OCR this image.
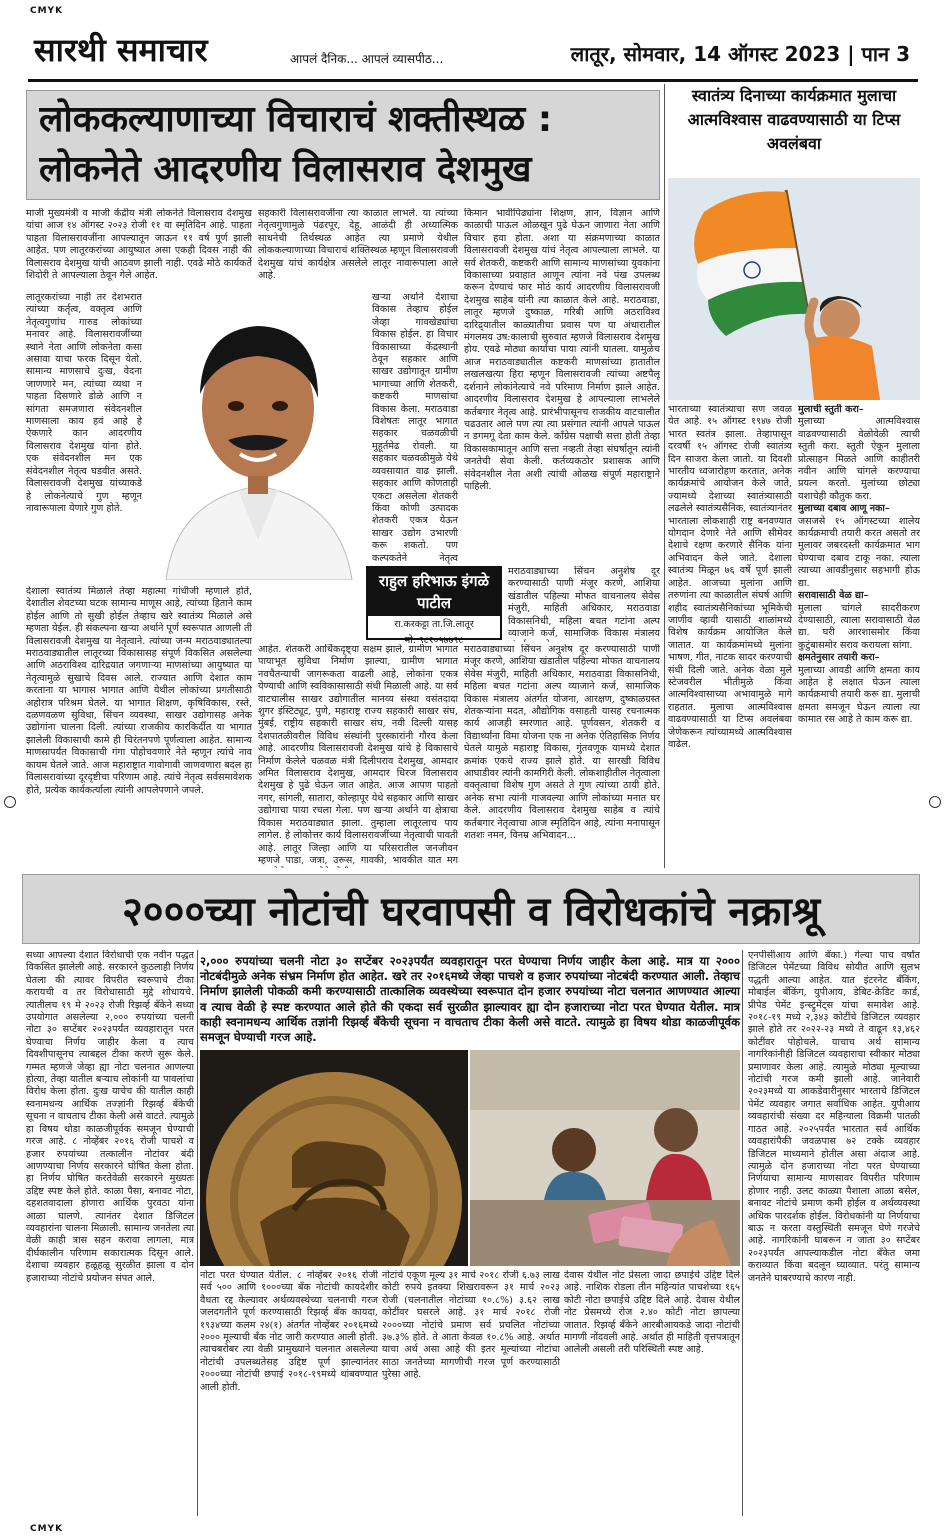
CMYK
CMYK
सारथी समाचार	आपलं दैनिक... आपलं व्यासपीठ...	लातूर, सोमवार, 14 ऑगस्ट 2023 | पान 3
लोककल्याणाच्या विचाराचं शक्तीस्थळ :
लोकनेते आदरणीय विलासराव देशमुख
स्वातंत्र्य दिनाच्या कार्यक्रमात मुलाचा आत्मविश्वास वाढवण्यासाठी या टिप्स अवलंबवा
माजी मुख्यमंत्री व माजी केंद्रीय मंत्री लोकनेते विलासराव देशमुख यांचा आज १४ ऑगस्ट २०२३ रोजी ११ वा स्मृतिदिन आहे. पाहता पाहता विलासरावजींना आपल्यातून जाऊन ११ वर्ष पूर्ण झाली आहेत. पण लातूरकरांच्या आयुष्यात असा एकही दिवस नाही की विलासराव देशमुख यांची आठवण झाली नाही. एवढे मोठे कार्यकर्ते शिदोरी ते आपल्याला ठेवून गेले आहेत.
लातूरकरांच्या नाही तर देशभरात त्यांच्या कर्तृत्व, वक्तृत्व आणि नेतृत्वगुणांच गारुड लोकांच्या मनावर आहे. विलासरावजींच्या स्थाने नेता आणि लोकनेता कसा असावा याचा फरक दिसून येतो. सामान्य माणसाचे दुःख, वेदना जाणणारे मन, त्यांच्या व्यथा न पाहता दिसणारे डोळे आणि न सांगता समजणारा संवेदनशील माणसाला काय हवं आहे हे ऐकणारे कान आदरणीय विलासराव देशमुख यांना होते. एक संवेदनशील मन एक संवेदनशील नेतृत्व घडवीत असते. विलासरावजी देशमुख यांच्याकडे हे लोकनेत्याचे गुण म्हणून नावारूपाला येणारे गुण होते.
देशाला स्वातंत्र्य मिळाले तेव्हा महात्मा गांधीजी म्हणाले होते, देशातील शेवटच्या घटक सामान्य माणूस आहे, त्यांच्या हिताने काम होईल आणि तो सुखी होईल तेव्हाच खरे स्वातंत्र्य मिळाले असे म्हणता येईल. ही संकल्पना खऱ्या अर्थाने पूर्ण स्वरूपात आणली ती विलासरावजी देशमुख या नेतृत्वाने. त्यांच्या जन्म मराठवाड्यातल्या मराठवाड्यातील लातूरच्या विकासासह संपूर्ण विकसित असलेल्या आणि अठराविश्व दारिद्रयात जगणाऱ्या माणसांच्या आयुष्यात या नेतृत्वामुळे सुखाचे दिवस आले. राज्यात आणि देशात काम करताना या भागास भागात आणि येथील लोकांच्या प्रगतीसाठी अहोरात्र परिश्रम घेतले. या भागात शिक्षण, कृषिविकास, रस्ते, दळणवळण सुविधा, सिंचन व्यवस्था, साखर उद्योगासह अनेक उद्योगांना चालना दिली. त्यांच्या राजकीय कारकिर्दीत या भागात झालेली विकासाची कामे ही चिरंतनपणे पूर्णत्वाला आहेत. सामान्य माणसापर्यंत विकासाची गंगा पोहोचवणारे नेते म्हणून त्यांचे नाव कायम घेतले जाते. आज महाराष्ट्रात गावोगावी जाणवणारा बदल हा विलासरावांच्या दूरदृष्टीचा परिणाम आहे. त्यांचे नेतृत्व सर्वसमावेशक होते, प्रत्येक कार्यकर्त्याला त्यांनी आपलेपणाने जपले.
सहकारी विलासरावजींना त्या काळात लाभले. या त्यांच्या नेतृत्वगुणामुळे पंढरपूर, देहू, आळंदी ही अध्यात्मिक साधनेची तिर्थस्थळ आहेत त्या प्रमाणे येथील लोककल्याणाच्या विचाराचं शक्तिस्थळ म्हणून विलासरावजी देशमुख यांचं कार्यक्षेत्र असलेले लातूर नावारूपाला आले आहे.
खऱ्या अर्थाने देशाचा विकास तेव्हाच होईल जेव्हा गावखेड्यांचा विकास होईल. हा विचार विकासाच्या केंद्रस्थानी ठेवून सहकार आणि साखर उद्योगातून ग्रामीण भागाच्या आणि शेतकरी, कष्टकरी माणसांचा विकास केला. मराठवाडा विशेषतः लातूर भागात सहकार चळवळीची मुहूर्तमेढ रोवली. या सहकार चळवळीमुळे येथे व्यवसायात वाढ झाली. सहकार आणि कोणताही एकटा असलेला शेतकरी किंवा कोणी उत्पादक शेतकरी एकत्र येऊन साखर उद्योग उभारणी करू शकतो. पण कल्पकतेने नेतृत्व
आहेत. शेतकरी आर्थिकदृष्ट्या सक्षम झाले, ग्रामीण भागात पायाभूत सुविधा निर्माण झाल्या, ग्रामीण भागात नवचैतन्याची जागरूकता वाढली आहे, लोकांना एकत्र येण्याची आणि स्वविकासासाठी संधी मिळाली आहे. या सर्व वाटचालीस साखर उद्योगातील मानव्य संस्था वसंतदादा शुगर इंस्टिट्यूट, पुणे, महाराष्ट्र राज्य सहकारी साखर संघ, मुंबई, राष्ट्रीय सहकारी साखर संघ, नवी दिल्ली यासह देशपातळीवरील विविध संस्थांनी पुरस्कारांनी गौरव केला आहे. आदरणीय विलासरावजी देशमुख यांचे हे विकासाचे निर्माण केलेले चळवळ मंत्री दिलीपराव देशमुख, आमदार अमित विलासराव देशमुख, आमदार धिरज विलासराव देशमुख हे पुढे घेऊन जात आहेत. आज आपण पाहतो नगर, सांगली, सातारा, कोल्हापूर येथे सहकार आणि साखर उद्योगाचा पाया रचला गेला. पण खऱ्या अर्थाने या क्षेत्राचा विकास मराठवाड्यात झाला. तुम्हाला लातूरलाच पाय लागेल. हे लोकोत्तर कार्य विलासरावजींच्या नेतृत्वाची पावती आहे. लातूर जिल्हा आणि या परिसरातील जनजीवन म्हणजे पाडा, जत्रा, उरूस, गावकी, भावकीत यात मग
किमान भावीपिढ्यांना शिक्षण, ज्ञान, विज्ञान आणि काळाची पाऊल ओळखून पुढे घेऊन जाणारा नेता आणि विचार हवा होता. अशा या संक्रमणाच्या काळात विलासरावजी देशमुख यांचं नेतृत्व आपल्याला लाभले. या सर्व शेतकरी, कष्टकरी आणि सामान्य माणसांच्या युवकांना विकासाच्या प्रवाहात आणून त्यांना नवे पंख उपलब्ध करून देण्याचं फार मोठं कार्य आदरणीय विलासरावजी देशमुख साहेब यांनी त्या काळात केले आहे. मराठवाडा, लातूर म्हणजे दुष्काळ, गरिबी आणि अठराविश्व दारिद्र्यातील काळ्यातीचा प्रवास पण या अंधारातील मंगलमय उष:कालाची सुरुवात म्हणजे विलासराव देशमुख होय. एवढे मोठ्या कार्याचा पाया त्यांनी घातला. यामुळेच आज मराठवाड्यातील कष्टकरी माणसांच्या हातातील लखलखत्या हिरा म्हणून विलासरावजी त्यांच्या अष्टपैलू दर्शनाने लोकांनेत्याचे नवे परिमाण निर्माण झाले आहेत. आदरणीय विलासराव देशमुख हे आपल्याला लाभलेले कर्तबगार नेतृत्व आहे. प्रारंभीपासूनच राजकीय वाटचालीत चढउतार आले पण त्या त्या प्रसंगात त्यांनी आपले पाऊल न डगमगू देता काम केले. काँग्रेस पक्षाची सत्ता होती तेव्हा विकासकामातून आणि सत्ता नव्हती तेव्हा संघर्षातून त्यांनी जनतेची सेवा केली. कर्तव्यकठोर प्रशासक आणि संवेदनशील नेता अशी त्यांची ओळख संपूर्ण महाराष्ट्राने पाहिली.
मराठवाड्याच्या सिंचन अनुशेष दूर करण्यासाठी पाणी मंजूर करणे, आशिया खंडातील पहिल्या मोफत वाचनालय सेवेस मंजुरी, माहिती अधिकार, मराठवाडा विकासनिधी, महिला बचत गटांना अल्प व्याजाने कर्ज, सामाजिक विकास मंत्रालय
मराठवाड्याच्या सिंचन अनुशेष दूर करण्यासाठी पाणी मंजूर करणे, आशिया खंडातील पहिल्या मोफत वाचनालय सेवेस मंजुरी, माहिती अधिकार, मराठवाडा विकासनिधी, महिला बचत गटांना अल्प व्याजाने कर्ज, सामाजिक विकास मंत्रालय अंतर्गत योजना, आरक्षण, दुष्काळग्रस्त शेतकऱ्यांना मदत, औद्योगिक वसाहती यासह रचनात्मक कार्य आजही स्मरणात आहे. पूर्णवसन, शेतकरी व विद्यार्थ्यांना विमा योजना एक ना अनेक ऐतिहासिक निर्णय घेतले यामुळे महाराष्ट्र विकास, गुंतवणूक यामध्ये देशात क्रमांक एकचे राज्य झाले होते. या सारखी विविध आघाडीवर त्यांनी कामगिरी केली. लोकशाहीतील नेतृत्वाला वक्तृत्वाचा विशेष गुण असते ते गुण त्यांच्या ठायी होते. अनेक सभा त्यांनी गाजवल्या आणि लोकांच्या मनात घर केले. आदरणीय विलासराव देशमुख साहेब व त्यांचे कर्तबगार नेतृत्वाचा आज स्मृतिदिन आहे, त्यांना मनापासून शतशः नमन, विनम्र अभिवादन...
राहुल हरिभाऊ इंगळे पाटील
रा.करकट्टा ता.जि.लातूर
मो. ९८१०५७७९८
भारताच्या स्वातंत्र्याचा सण जवळ येत आहे. १५ ऑगस्ट १९४७ रोजी भारत स्वतंत्र झाला. तेव्हापासून दरवर्षी १५ ऑगस्ट रोजी स्वातंत्र्य दिन साजरा केला जातो. या दिवशी भारतीय ध्वजारोहण करतात, अनेक कार्यक्रमांचे आयोजन केले जाते, ज्यामध्ये देशाच्या स्वातंत्र्यासाठी लढलेले स्वातंत्र्यसैनिक, स्वातंत्र्यानंतर भारताला लोकशाही राष्ट्र बनवण्यात योगदान देणारे नेते आणि सीमेवर देशाचे रक्षण करणारे सैनिक यांना अभिवादन केले जाते. देशाला स्वातंत्र्य मिळून ७६ वर्षे पूर्ण झाली आहेत. आजच्या मुलांना आणि तरुणांना त्या काळातील संघर्ष आणि शहीद स्वातंत्र्यसैनिकांच्या भूमिकेची जाणीव व्हावी यासाठी शाळांमध्ये विशेष कार्यक्रम आयोजित केले जातात. या कार्यक्रमांमध्ये मुलांना भाषण, गीत, नाटक सादर करण्याची संधी दिली जाते. अनेक वेळा मुले स्टेजवरील भीतीमुळे किंवा आत्मविश्वासाच्या अभावामुळे मागे राहतात. मुलाचा आत्मविश्वास वाढवण्यासाठी या टिप्स अवलंबवा जेणेकरून त्यांच्यामध्ये आत्मविश्वास वाढेल.
मुलाची स्तुती करा–
मुलाच्या आत्मविश्वास वाढवण्यासाठी वेळोवेळी त्याची स्तुती करा. स्तुती ऐकून मुलाला प्रोत्साहन मिळते आणि काहीतरी नवीन आणि चांगले करण्याचा प्रयत्न करतो. मुलांच्या छोट्या यशाचेही कौतुक करा.
मुलाच्या दबाव आणू नका–
जसजसे १५ ऑगस्टच्या शालेय कार्यक्रमाची तयारी करत असतो तर मुलावर जबरदस्ती कार्यक्रमात भाग घेण्याचा दबाव टाकू नका. त्याला त्याच्या आवडीनुसार सहभागी होऊ द्या.
सरावासाठी वेळ द्या–
मुलाला चांगले सादरीकरण देण्यासाठी, त्याला सरावासाठी वेळ द्या. घरी आरशासमोर किंवा कुटुंबासमोर सराव करायला सांगा.
क्षमतेनुसार तयारी करा–
मुलाच्या आवडी आणि क्षमता काय आहेत हे लक्षात घेऊन त्याला कार्यक्रमाची तयारी करू द्या. मुलाची क्षमता समजून घेऊन त्याला त्या कामात रस आहे ते काम करू द्या.
२०००च्या नोटांची घरवापसी व विरोधकांचे नक्राश्रू
सध्या आपल्या देशात विरोधाची एक नवीन पद्धत विकसित झालेली आहे. सरकारने कुठलाही निर्णय घेतला की त्यावर विपरीत स्वरूपाचे टीका करायची व तर विरोधासाठी मुद्दे शोधायचे. त्यातीलच १९ मे २०२३ रोजी रिझर्व्ह बँकेने सध्या उपयोगात असलेल्या २,००० रुपयांच्या चलनी नोटा ३० सप्टेंबर २०२३पर्यंत व्यवहारातून परत घेण्याचा निर्णय जाहीर केला व त्याच दिवशीपासूनच त्याबद्दल टीका करणे सुरू केले. गम्मत म्हणजे जेव्हा ह्या नोटा चलनात आणल्या होत्या, तेव्हा यातील बऱ्याच लोकांनी या पावलांचा विरोध केला होता. दुःख याचेच की यातील काही स्वनामधन्य आर्थिक तज्ज्ञांनी रिझर्व्ह बँकेची सूचना न वाचताच टीका केली असे वाटते. त्यामुळे हा विषय थोडा काळजीपूर्वक समजून घेण्याची गरज आहे. ८ नोव्हेंबर २०१६ रोजी पाचशे व हजार रुपयांच्या तत्कालीन नोटांवर बंदी आणण्याचा निर्णय सरकारने घोषित केला होता. हा निर्णय घोषित करतेवेळी सरकारने मुख्यतः उद्दिष्ट स्पष्ट केले होते. काळा पैसा, बनावट नोटा, दहशतवादाला होणारा आर्थिक पुरवठा यांना आळा घालणे. त्यानंतर देशात डिजिटल व्यवहारांना चालना मिळाली. सामान्य जनतेला त्या वेळी काही त्रास सहन करावा लागला, मात्र दीर्घकालीन परिणाम सकारात्मक दिसून आले. देशाचा व्यवहार हळूहळू सुरळीत झाला व दोन हजाराच्या नोटांचे प्रयोजन संपत आले.
२,००० रुपयांच्या चलनी नोटा ३० सप्टेंबर २०२३पर्यंत व्यवहारातून परत घेण्याचा निर्णय जाहीर केला आहे. मात्र या २००० नोटबंदीमुळे अनेक संभ्रम निर्माण होत आहेत. खरे तर २०१६मध्ये जेव्हा पाचशे व हजार रुपयांच्या नोटबंदी करण्यात आली. तेव्हाच निर्माण झालेली पोकळी कमी करण्यासाठी तात्कालिक व्यवस्थेच्या स्वरूपात दोन हजार रुपयांच्या नोटा चलनात आणण्यात आल्या व त्याच वेळी हे स्पष्ट करण्यात आले होते की एकदा सर्व सुरळीत झाल्यावर ह्या दोन हजाराच्या नोटा परत घेण्यात येतील. मात्र काही स्वनामधन्य आर्थिक तज्ञांनी रिझर्व्ह बँकेची सूचना न वाचताच टीका केली असे वाटते. त्यामुळे हा विषय थोडा काळजीपूर्वक समजून घेण्याची गरज आहे.
नोटा परत घेण्यात येतील. ८ नोव्हेंबर २०१६ रोजी सर्व ५०० आणि १०००च्या बँक नोटांची कायदेशीर वैधता रद्द केल्यावर अर्थव्यवस्थेच्या चलनाची गरज जलदगतीने पूर्ण करण्यासाठी रिझर्व्ह बँक कायदा, १९३४च्या कलम २४(१) अंतर्गत नोव्हेंबर २०१६मध्ये २००० मूल्याची बँक नोट जारी करण्यात आली होती. त्याचबरोबर त्या वेळी प्रामुख्याने चलनात असलेल्या नोटांची उपलब्धतेसह उद्दिष्ट पूर्ण झाल्यानंतर २०००च्या नोटांची छपाई २०१८-१९मध्ये थांबवण्यात आली होती.
नोटांचे एकूण मूल्य ३१ मार्च २०१८ रोजी ६.७३ लाख कोटी रुपये इतक्या शिखरावरून ३१ मार्च २०२३ रोजी (चलनातील नोटांच्या १०.८%) ३.६२ लाख कोटींवर घसरले आहे. ३१ मार्च २०१८ रोजी २०००च्या नोटांचे प्रमाण सर्व प्रचलित नोटांच्या ३७.३% होते. ते आता केवळ १०.८% आहे. अर्थात याचा अर्थ असा आहे की इतर मूल्यांच्या नोटांचा साठा जनतेच्या मागणीची गरज पूर्ण करण्यासाठी पुरेसा आहे.
देवास येथील नोट प्रेसला जादा छपाईचे उद्दिष्ट दिले आहे. नाशिक रोडला तीन महिन्यांत पाचशेच्या १६५ कोटी नोटा छपाईचे उद्दिष्ट दिले आहे. देवास येथील नोट प्रेसमध्ये रोज २.४० कोटी नोटा छापल्या जातात. रिझर्व्ह बँकेने आरबीआयकडे जादा नोटांची मागणी नोंदवली आहे. अर्थात ही माहिती वृत्तपत्रातून आलेली असली तरी परिस्थिती स्पष्ट आहे.
एनपीसीआय आणि बँका.) गेल्या पाच वर्षांत डिजिटल पेमेंटच्या विविध सोयीत आणि सुलभ पद्धती आल्या आहेत. यात इंटरनेट बँकिंग, मोबाईल बँकिंग, युपीआय, डेबिट-क्रेडिट कार्ड, प्रीपेड पेमेंट इन्स्ट्रुमेंट्स यांचा समावेश आहे. २०१८-१९ मध्ये २,३४३ कोटींचे डिजिटल व्यवहार झाले होते तर २०२२-२३ मध्ये ते वाढून १३,४६२ कोटींवर पोहोचले. याचाच अर्थ सामान्य नागरिकांनीही डिजिटल व्यवहाराचा स्वीकार मोठ्या प्रमाणावर केला आहे. त्यामुळे मोठ्या मूल्याच्या नोटांची गरज कमी झाली आहे. जानेवारी २०२३मध्ये या आकडेवारीनुसार भारताचे डिजिटल पेमेंट व्यवहार जगात सर्वाधिक आहेत. युपीआय व्यवहारांची संख्या दर महिन्याला विक्रमी पातळी गाठत आहे. २०२५पर्यंत भारतात सर्व आर्थिक व्यवहारांपैकी जवळपास ७२ टक्के व्यवहार डिजिटल माध्यमाने होतील असा अंदाज आहे. त्यामुळे दोन हजाराच्या नोटा परत घेण्याच्या निर्णयाचा सामान्य माणसावर विपरीत परिणाम होणार नाही. उलट काळ्या पैशाला आळा बसेल, बनावट नोटांचे प्रमाण कमी होईल व अर्थव्यवस्था अधिक पारदर्शक होईल. विरोधकांनी या निर्णयाचा बाऊ न करता वस्तुस्थिती समजून घेणे गरजेचे आहे. नागरिकांनी घाबरून न जाता ३० सप्टेंबर २०२३पर्यंत आपल्याकडील नोटा बँकेत जमा कराव्यात किंवा बदलून घ्याव्यात. परंतु सामान्य जनतेने घाबरण्याचे कारण नाही.
